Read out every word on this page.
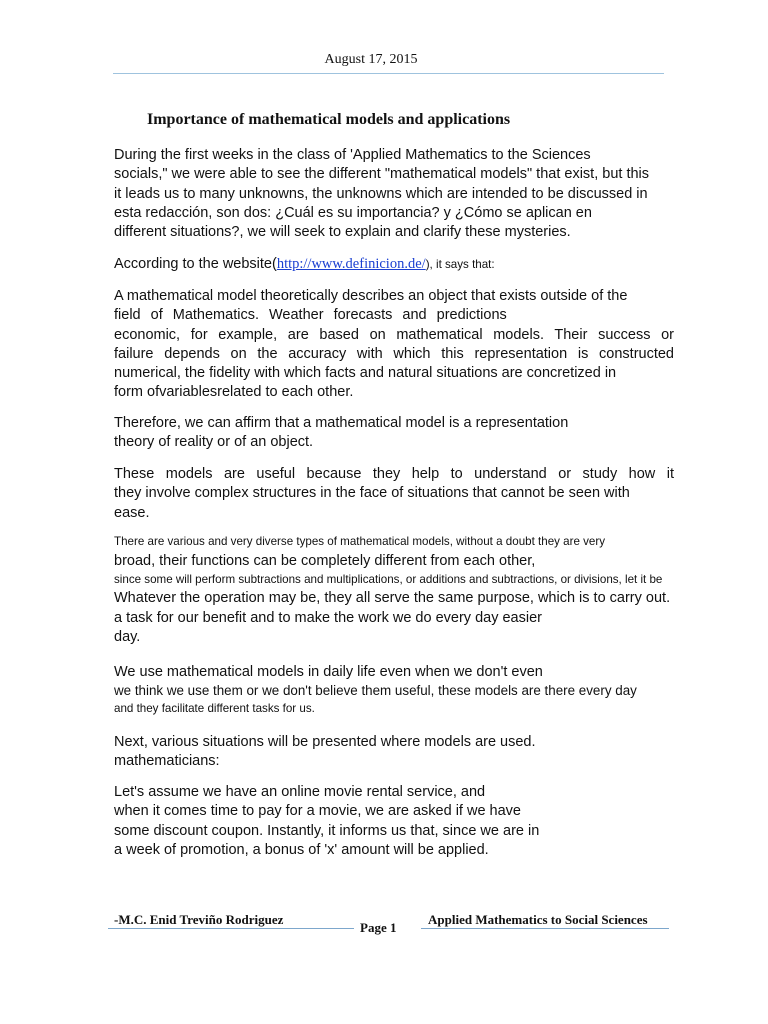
August 17, 2015
Importance of mathematical models and applications

During the first weeks in the class of 'Applied Mathematics to the Sciences
socials," we were able to see the different "mathematical models" that exist, but this
it leads us to many unknowns, the unknowns which are intended to be discussed in
esta redacción, son dos: ¿Cuál es su importancia? y ¿Cómo se aplican en
different situations?, we will seek to explain and clarify these mysteries.

According to the website(http://www.definicion.de/), it says that:

A mathematical model theoretically describes an object that exists outside of the
field of Mathematics. Weather forecasts and predictions
economic, for example, are based on mathematical models. Their success or
failure depends on the accuracy with which this representation is constructed
numerical, the fidelity with which facts and natural situations are concretized in
form ofvariablesrelated to each other.

Therefore, we can affirm that a mathematical model is a representation
theory of reality or of an object.

These models are useful because they help to understand or study how it
they involve complex structures in the face of situations that cannot be seen with
ease.

There are various and very diverse types of mathematical models, without a doubt they are very
broad, their functions can be completely different from each other,
since some will perform subtractions and multiplications, or additions and subtractions, or divisions, let it be
Whatever the operation may be, they all serve the same purpose, which is to carry out.
a task for our benefit and to make the work we do every day easier
day.
We use mathematical models in daily life even when we don't even
we think we use them or we don't believe them useful, these models are there every day
and they facilitate different tasks for us.

Next, various situations will be presented where models are used.
mathematicians:

Let's assume we have an online movie rental service, and
when it comes time to pay for a movie, we are asked if we have
some discount coupon. Instantly, it informs us that, since we are in
a week of promotion, a bonus of 'x' amount will be applied.

-M.C. Enid Treviño Rodriguez
Page 1
Applied Mathematics to Social Sciences
